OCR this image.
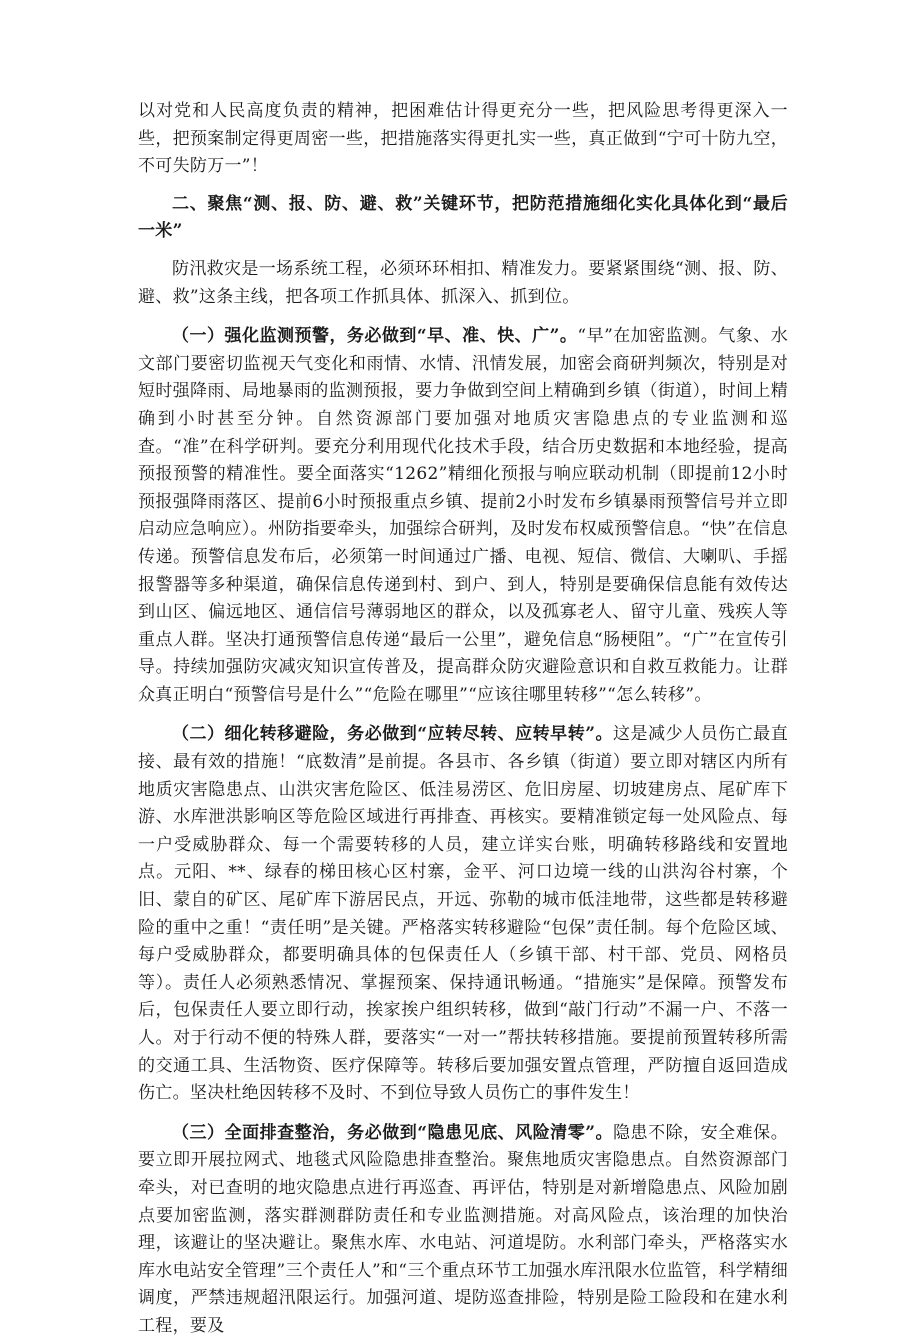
以对党和人民高度负责的精神，把困难估计得更充分一些，把风险思考得更深入一些，把预案制定得更周密一些，把措施落实得更扎实一些，真正做到“宁可十防九空，不可失防万一”！

二、聚焦“测、报、防、避、救”关键环节，把防范措施细化实化具体化到“最后一米”

防汛救灾是一场系统工程，必须环环相扣、精准发力。要紧紧围绕“测、报、防、避、救”这条主线，把各项工作抓具体、抓深入、抓到位。

（一）强化监测预警，务必做到“早、准、快、广”。“早”在加密监测。气象、水文部门要密切监视天气变化和雨情、水情、汛情发展，加密会商研判频次，特别是对短时强降雨、局地暴雨的监测预报，要力争做到空间上精确到乡镇（街道），时间上精确到小时甚至分钟。自然资源部门要加强对地质灾害隐患点的专业监测和巡查。“准”在科学研判。要充分利用现代化技术手段，结合历史数据和本地经验，提高预报预警的精准性。要全面落实“1262”精细化预报与响应联动机制（即提前12小时预报强降雨落区、提前6小时预报重点乡镇、提前2小时发布乡镇暴雨预警信号并立即启动应急响应）。州防指要牵头，加强综合研判，及时发布权威预警信息。“快”在信息传递。预警信息发布后，必须第一时间通过广播、电视、短信、微信、大喇叭、手摇报警器等多种渠道，确保信息传递到村、到户、到人，特别是要确保信息能有效传达到山区、偏远地区、通信信号薄弱地区的群众，以及孤寡老人、留守儿童、残疾人等重点人群。坚决打通预警信息传递“最后一公里”，避免信息“肠梗阻”。“广”在宣传引导。持续加强防灾减灾知识宣传普及，提高群众防灾避险意识和自救互救能力。让群众真正明白“预警信号是什么”“危险在哪里”“应该往哪里转移”“怎么转移”。

（二）细化转移避险，务必做到“应转尽转、应转早转”。这是减少人员伤亡最直接、最有效的措施！“底数清”是前提。各县市、各乡镇（街道）要立即对辖区内所有地质灾害隐患点、山洪灾害危险区、低洼易涝区、危旧房屋、切坡建房点、尾矿库下游、水库泄洪影响区等危险区域进行再排查、再核实。要精准锁定每一处风险点、每一户受威胁群众、每一个需要转移的人员，建立详实台账，明确转移路线和安置地点。元阳、**、绿春的梯田核心区村寨，金平、河口边境一线的山洪沟谷村寨，个旧、蒙自的矿区、尾矿库下游居民点，开远、弥勒的城市低洼地带，这些都是转移避险的重中之重！“责任明”是关键。严格落实转移避险“包保”责任制。每个危险区域、每户受威胁群众，都要明确具体的包保责任人（乡镇干部、村干部、党员、网格员等）。责任人必须熟悉情况、掌握预案、保持通讯畅通。“措施实”是保障。预警发布后，包保责任人要立即行动，挨家挨户组织转移，做到“敲门行动”不漏一户、不落一人。对于行动不便的特殊人群，要落实“一对一”帮扶转移措施。要提前预置转移所需的交通工具、生活物资、医疗保障等。转移后要加强安置点管理，严防擅自返回造成伤亡。坚决杜绝因转移不及时、不到位导致人员伤亡的事件发生！

（三）全面排查整治，务必做到“隐患见底、风险清零”。隐患不除，安全难保。要立即开展拉网式、地毯式风险隐患排查整治。聚焦地质灾害隐患点。自然资源部门牵头，对已查明的地灾隐患点进行再巡查、再评估，特别是对新增隐患点、风险加剧点要加密监测，落实群测群防责任和专业监测措施。对高风险点，该治理的加快治理，该避让的坚决避让。聚焦水库、水电站、河道堤防。水利部门牵头，严格落实水库水电站安全管理”三个责任人”和“三个重点环节工加强水库汛限水位监管，科学精细调度，严禁违规超汛限运行。加强河道、堤防巡查排险，特别是险工险段和在建水利工程，要及
